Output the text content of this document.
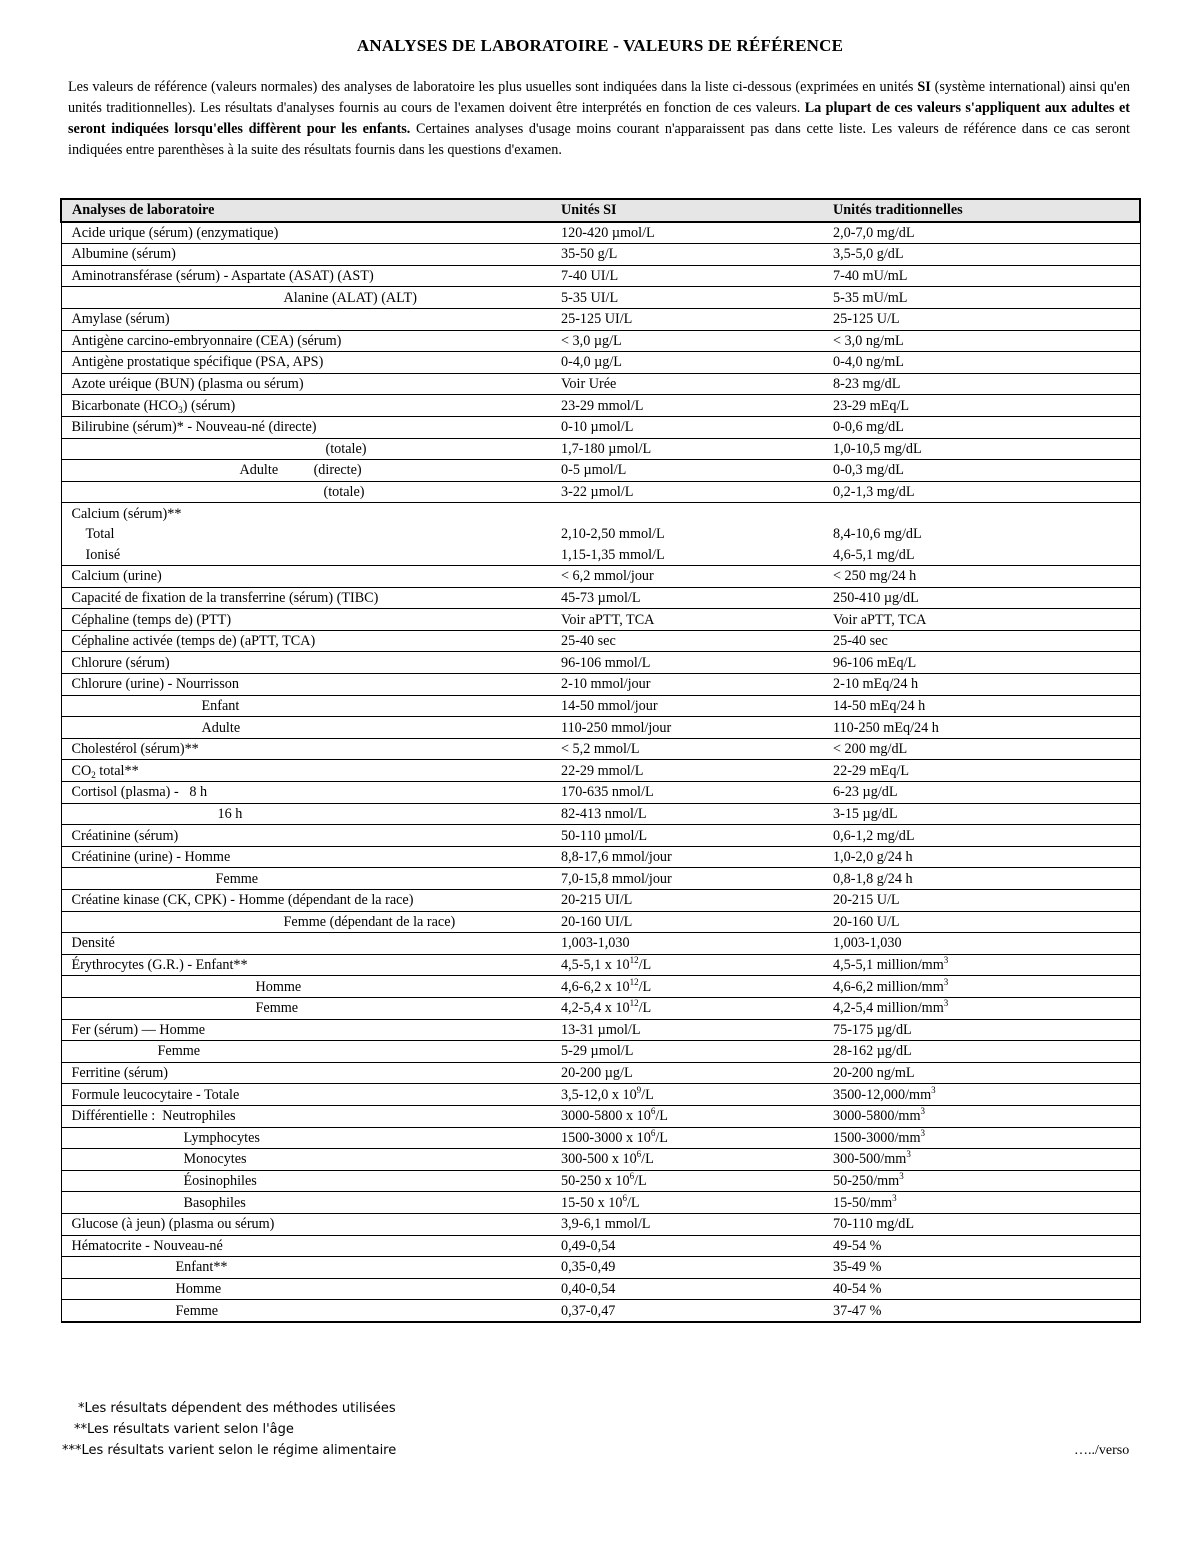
ANALYSES DE LABORATOIRE - VALEURS DE RÉFÉRENCE
Les valeurs de référence (valeurs normales) des analyses de laboratoire les plus usuelles sont indiquées dans la liste ci-dessous (exprimées en unités SI (système international) ainsi qu'en unités traditionnelles). Les résultats d'analyses fournis au cours de l'examen doivent être interprétés en fonction de ces valeurs. La plupart de ces valeurs s'appliquent aux adultes et seront indiquées lorsqu'elles diffèrent pour les enfants. Certaines analyses d'usage moins courant n'apparaissent pas dans cette liste. Les valeurs de référence dans ce cas seront indiquées entre parenthèses à la suite des résultats fournis dans les questions d'examen.
Analyses de laboratoire	Unités SI	Unités traditionnelles
Acide urique (sérum) (enzymatique)	120-420 µmol/L	2,0-7,0 mg/dL
Albumine (sérum)	35-50 g/L	3,5-5,0 g/dL
Aminotransférase (sérum) - Aspartate (ASAT) (AST)	7-40 UI/L	7-40 mU/mL
Alanine (ALAT) (ALT)	5-35 UI/L	5-35 mU/mL
Amylase (sérum)	25-125 UI/L	25-125 U/L
Antigène carcino-embryonnaire (CEA) (sérum)	< 3,0 µg/L	< 3,0 ng/mL
Antigène prostatique spécifique (PSA, APS)	0-4,0 µg/L	0-4,0 ng/mL
Azote uréique (BUN) (plasma ou sérum)	Voir Urée	8-23 mg/dL
Bicarbonate $(HCO_3)$ (sérum)	23-29 mmol/L	23-29 mEq/L
Bilirubine (sérum)* - Nouveau-né (directe)	0-10 µmol/L	0-0,6 mg/dL
(totale)	1,7-180 µmol/L	1,0-10,5 mg/dL
Adulte          (directe)	0-5 µmol/L	0-0,3 mg/dL
(totale)	3-22 µmol/L	0,2-1,3 mg/dL
Calcium (sérum)**		
Total	2,10-2,50 mmol/L	8,4-10,6 mg/dL
Ionisé	1,15-1,35 mmol/L	4,6-5,1 mg/dL
Calcium (urine)	< 6,2 mmol/jour	< 250 mg/24 h
Capacité de fixation de la transferrine (sérum) (TIBC)	45-73 µmol/L	250-410 µg/dL
Céphaline (temps de) (PTT)	Voir aPTT, TCA	Voir aPTT, TCA
Céphaline activée (temps de) (aPTT, TCA)	25-40 sec	25-40 sec
Chlorure (sérum)	96-106 mmol/L	96-106 mEq/L
Chlorure (urine) - Nourrisson	2-10 mmol/jour	2-10 mEq/24 h
Enfant	14-50 mmol/jour	14-50 mEq/24 h
Adulte	110-250 mmol/jour	110-250 mEq/24 h
Cholestérol (sérum)**	< 5,2 mmol/L	< 200 mg/dL
$CO_2$ total**	22-29 mmol/L	22-29 mEq/L
Cortisol (plasma) -   8 h	170-635 nmol/L	6-23 µg/dL
16 h	82-413 nmol/L	3-15 µg/dL
Créatinine (sérum)	50-110 µmol/L	0,6-1,2 mg/dL
Créatinine (urine) - Homme	8,8-17,6 mmol/jour	1,0-2,0 g/24 h
Femme	7,0-15,8 mmol/jour	0,8-1,8 g/24 h
Créatine kinase (CK, CPK) - Homme (dépendant de la race)	20-215 UI/L	20-215 U/L
Femme (dépendant de la race)	20-160 UI/L	20-160 U/L
Densité	1,003-1,030	1,003-1,030
Érythrocytes (G.R.) - Enfant**	4,5-5,1 x $10^{12}/L$	4,5-5,1 million/$mm^3$
Homme	4,6-6,2 x $10^{12}/L$	4,6-6,2 million/$mm^3$
Femme	4,2-5,4 x $10^{12}/L$	4,2-5,4 million/$mm^3$
Fer (sérum) — Homme	13-31 µmol/L	75-175 µg/dL
Femme	5-29 µmol/L	28-162 µg/dL
Ferritine (sérum)	20-200 µg/L	20-200 ng/mL
Formule leucocytaire - Totale	3,5-12,0 x $10^9/L$	$3500-12,000/mm^3$
Différentielle :  Neutrophiles	3000-5800 x $10^6/L$	$3000-5800/mm^3$
Lymphocytes	1500-3000 x $10^6/L$	$1500-3000/mm^3$
Monocytes	300-500 x $10^6/L$	$300-500/mm^3$
Éosinophiles	50-250 x $10^6/L$	$50-250/mm^3$
Basophiles	15-50 x $10^6/L$	$15-50/mm^3$
Glucose (à jeun) (plasma ou sérum)	3,9-6,1 mmol/L	70-110 mg/dL
Hématocrite - Nouveau-né	0,49-0,54	49-54 %
Enfant**	0,35-0,49	35-49 %
Homme	0,40-0,54	40-54 %
Femme	0,37-0,47	37-47 %
*Les résultats dépendent des méthodes utilisées
**Les résultats varient selon l'âge
***Les résultats varient selon le régime alimentaire	…../verso
